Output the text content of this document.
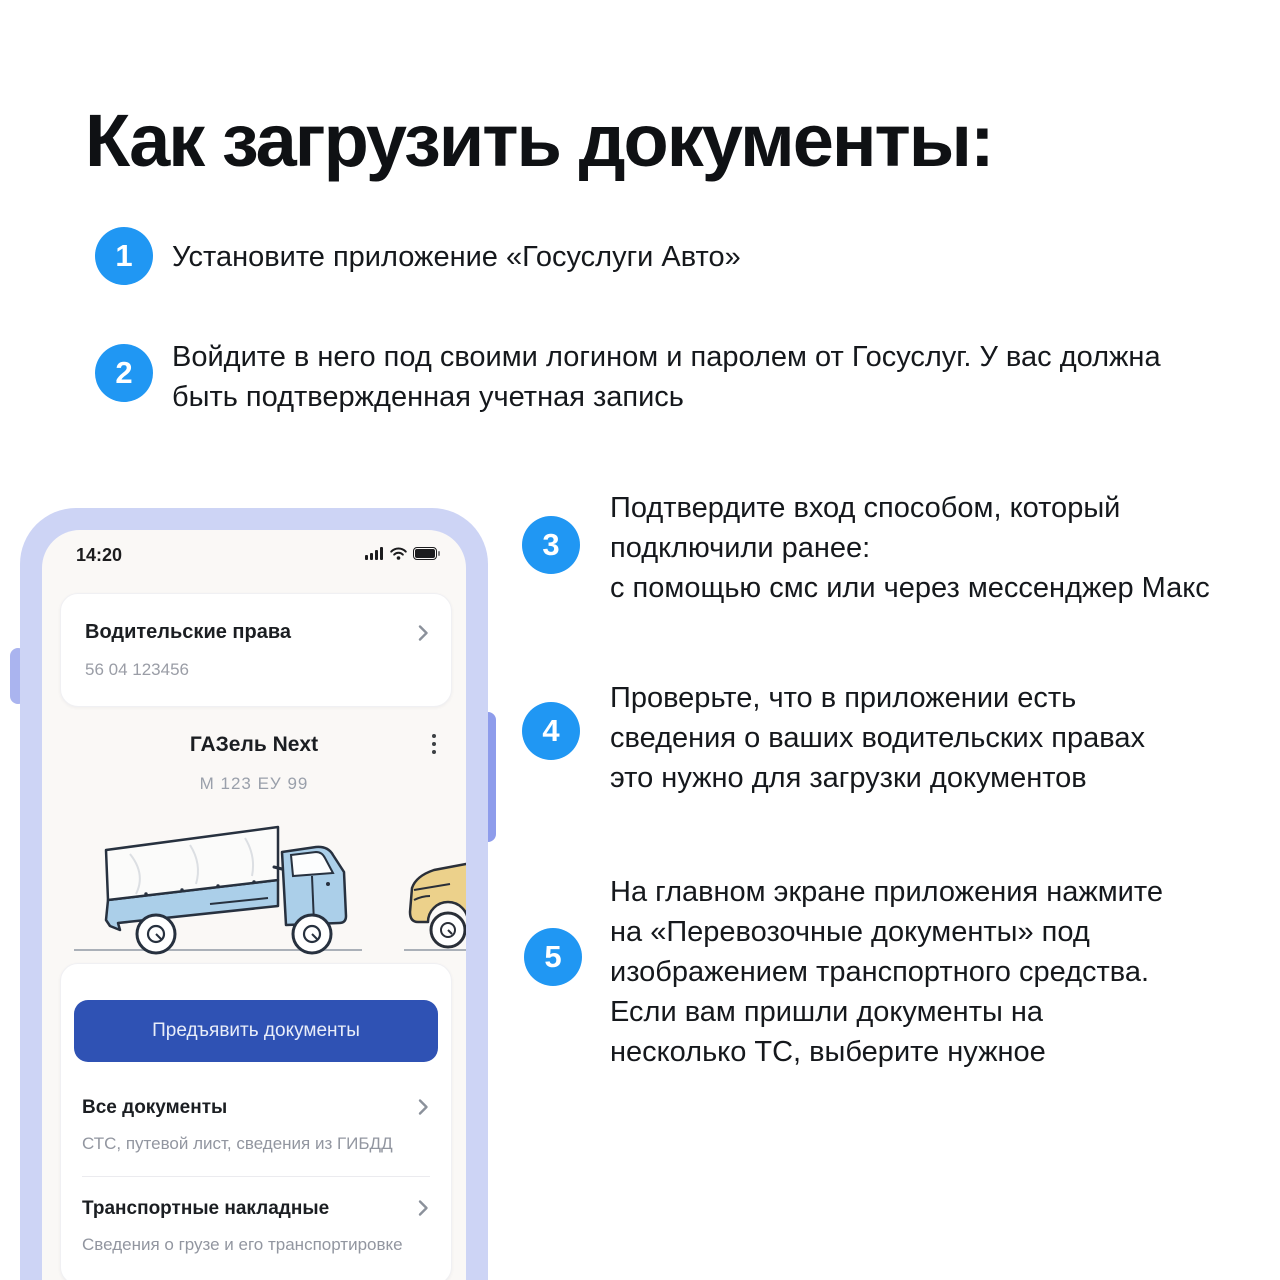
Как загрузить документы:
1	Установите приложение «Госуслуги Авто»
2	Войдите в него под своими логином и паролем от Госуслуг. У вас должна
быть подтвержденная учетная запись
3
Подтвердите вход способом, который
подключили ранее:
с помощью смс или через мессенджер Макс
4
Проверьте, что в приложении есть
сведения о ваших водительских правах
это нужно для загрузки документов
5
На главном экране приложения нажмите
на «Перевозочные документы» под
изображением транспортного средства.
Если вам пришли документы на
несколько ТС, выберите нужное
14:20
Водительские права
56 04 123456
ГАЗель Next
М 123 ЕУ 99
Предъявить документы
Все документы
СТС, путевой лист, сведения из ГИБДД
Транспортные накладные
Сведения о грузе и его транспортировке
